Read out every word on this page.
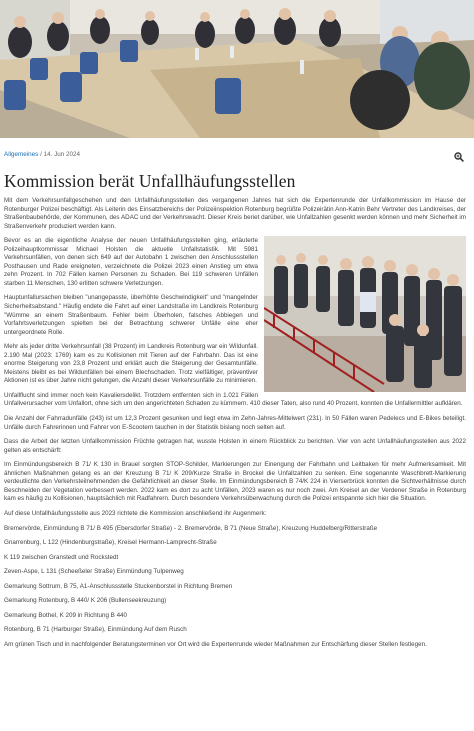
Allgemeines / 14. Jun 2024
Kommission berät Unfallhäufungsstellen

Mit dem Verkehrsunfallgeschehen und den Unfallhäufungsstellen des vergangenen Jahres hat sich die Expertenrunde der Unfallkommission im Hause der Rotenburger Polizei beschäftigt. Als Leiterin des Einsatzbereichs der Polizeiinspektion Rotenburg begrüßte Polizeirätin Ann-Katrin Behr Vertreter des Landkreises, der Straßenbaubehörde, der Kommunen, des ADAC und der Verkehrswacht. Dieser Kreis beriet darüber, wie Unfallzahlen gesenkt werden können und mehr Sicherheit im Straßenverkehr produziert werden kann.

Bevor es an die eigentliche Analyse der neuen Unfallhäufungsstellen ging, erläuterte Polizeihauptkommissar Michael Holsten die aktuelle Unfallstatistik. Mit 5981 Verkehrsunfällen, von denen sich 649 auf der Autobahn 1 zwischen den Anschlussstellen Posthausen und Rade ereigneten, verzeichnete die Polizei 2023 einen Anstieg um etwa zehn Prozent. In 702 Fällen kamen Personen zu Schaden. Bei 119 schweren Unfällen starben 11 Menschen, 130 erlitten schwere Verletzungen.

Hauptunfallursachen bleiben "unangepasste, überhöhte Geschwindigkeit" und "mangelnder Sicherheitsabstand." Häufig endete die Fahrt auf einer Landstraße im Landkreis Rotenburg "Wümme an einem Straßenbaum. Fehler beim Überholen, falsches Abbiegen und Vorfahrtsverletzungen spielten bei der Betrachtung schwerer Unfälle eine eher untergeordnete Rolle.

Mehr als jeder dritte Verkehrsunfall (38 Prozent) im Landkreis Rotenburg war ein Wildunfall. 2.190 Mal (2023: 1769) kam es zu Kollisionen mit Tieren auf der Fahrbahn. Das ist eine enorme Steigerung von 23,8 Prozent und erklärt auch die Steigerung der Gesamtunfälle. Meistens bleibt es bei Wildunfällen bei einem Blechschaden. Trotz vielfältiger, präventiver Aktionen ist es über Jahre nicht gelungen, die Anzahl dieser Verkehrsunfälle zu minimieren.

Unfallflucht sind immer noch kein Kavaliersdelikt. Trotzdem entfernten sich in 1.021 Fällen Unfallverursacher vom Unfallort, ohne sich um den angerichteten Schaden zu kümmern. 410 dieser Taten, also rund 40 Prozent, konnten die Unfallermittler aufklären.

Die Anzahl der Fahrradunfälle (243) ist um 12,3 Prozent gesunken und liegt etwa im Zehn-Jahres-Mittelwert (231). In 50 Fällen waren Pedelecs und E-Bikes beteiligt. Unfälle durch Fahrerinnen und Fahrer von E-Scootern tauchen in der Statistik bislang noch selten auf.

Dass die Arbeit der letzten Unfallkommission Früchte getragen hat, wusste Holsten in einem Rückblick zu berichten. Vier von acht Unfallhäufungsstellen aus 2022 gelten als entschärft:

Im Einmündungsbereich B 71/ K 130 in Brauel sorgten STOP-Schilder, Markierungen zur Einengung der Fahrbahn und Leitbaken für mehr Aufmerksamkeit. Mit ähnlichen Maßnahmen gelang es an der Kreuzung B 71/ K 209/Kurze Straße in Brockel die Unfallzahlen zu senken. Eine sogenannte Waschbrett-Markierung verdeutlichte den Verkehrsteilnehmenden die Gefährlichkeit an dieser Stelle. Im Einmündungsbereich B 74/K 224 in Vierserbrück konnten die Sichtverhältnisse durch Beschneiden der Vegetation verbessert werden. 2022 kam es dort zu acht Unfällen, 2023 waren es nur noch zwei. Am Kreisel an der Verdener Straße in Rotenburg kam es häufig zu Kollisionen, hauptsächlich mit Radfahrern. Durch besondere Verkehrsüberwachung durch die Polizei entspannte sich hier die Situation.

Auf diese Unfallhäufungsstelle aus 2023 richtete die Kommission anschließend ihr Augenmerk:

Bremervörde, Einmündung B 71/ B 495 (Ebersdorfer Straße) - 2. Bremervörde, B 71 (Neue Straße), Kreuzung Huddelberg/Ritterstraße

Gnarrenburg, L 122 (Hindenburgstraße), Kreisel Hermann-Lamprecht-Straße

K 119 zwischen Granstedt und Rockstedt

Zeven-Aspe, L 131 (Scheeßeler Straße) Einmündung Tulpenweg

Gemarkung Sottrum, B 75, A1-Anschlussstelle Stuckenborstel in Richtung Bremen

Gemarkung Rotenburg, B 440/ K 206 (Bullenseekreuzung)

Gemarkung Bothel, K 209 in Richtung B 440

Rotenburg, B 71 (Harburger Straße), Einmündung Auf dem Rusch

Am grünen Tisch und in nachfolgender Beratungsterminen vor Ort wird die Expertenrunde wieder Maßnahmen zur Entschärfung dieser Stellen festlegen.
